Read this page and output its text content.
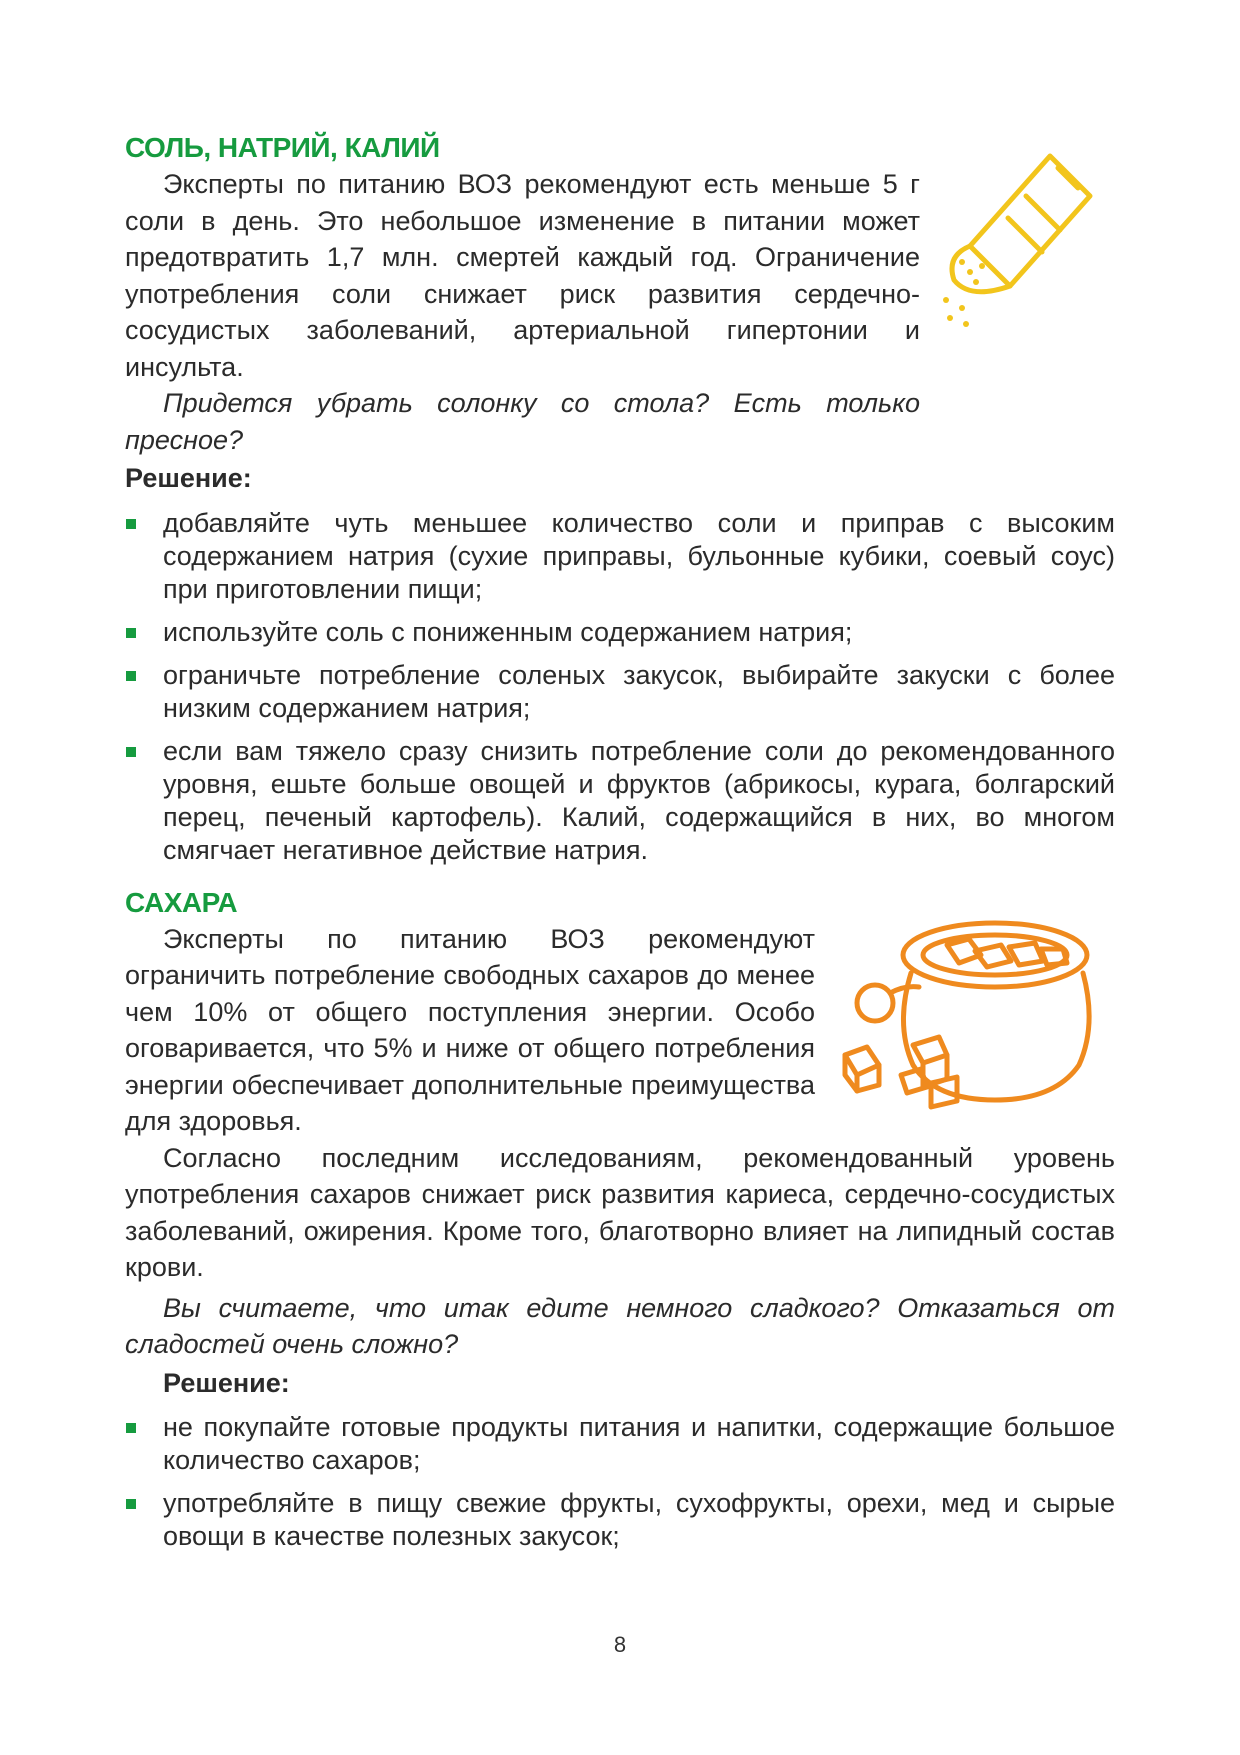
СОЛЬ, НАТРИЙ, КАЛИЙ

Эксперты по питанию ВОЗ рекомендуют есть меньше 5 г соли в день. Это небольшое изменение в питании может предотвратить 1,7 млн. смертей каждый год. Ограничение употребления соли снижает риск развития сердечно-сосудистых заболеваний, артериальной гипертонии и инсульта.

Придется убрать солонку со стола? Есть только пресное?

Решение:

добавляйте чуть меньшее количество соли и приправ с высоким содержанием натрия (сухие приправы, бульонные кубики, соевый соус) при приготовлении пищи;
используйте соль с пониженным содержанием натрия;
ограничьте потребление соленых закусок, выбирайте закуски с более низким содержанием натрия;
если вам тяжело сразу снизить потребление соли до рекомендованного уровня, ешьте больше овощей и фруктов (абрикосы, курага, болгарский перец, печеный картофель). Калий, содержащийся в них, во многом смягчает негативное действие натрия.
САХАРА

Эксперты по питанию ВОЗ рекомендуют ограничить потребление свободных сахаров до менее чем 10% от общего поступления энергии. Особо оговаривается, что 5% и ниже от общего потребления энергии обеспечивает дополнительные преимущества для здоровья.

Согласно последним исследованиям, рекомендованный уровень употребления сахаров снижает риск развития кариеса, сердечно-сосудистых заболеваний, ожирения. Кроме того, благотворно влияет на липидный состав крови.

Вы считаете, что итак едите немного сладкого? Отказаться от сладостей очень сложно?

Решение:

не покупайте готовые продукты питания и напитки, содержащие большое количество сахаров;
употребляйте в пищу свежие фрукты, сухофрукты, орехи, мед и сырые овощи в качестве полезных закусок;
8
